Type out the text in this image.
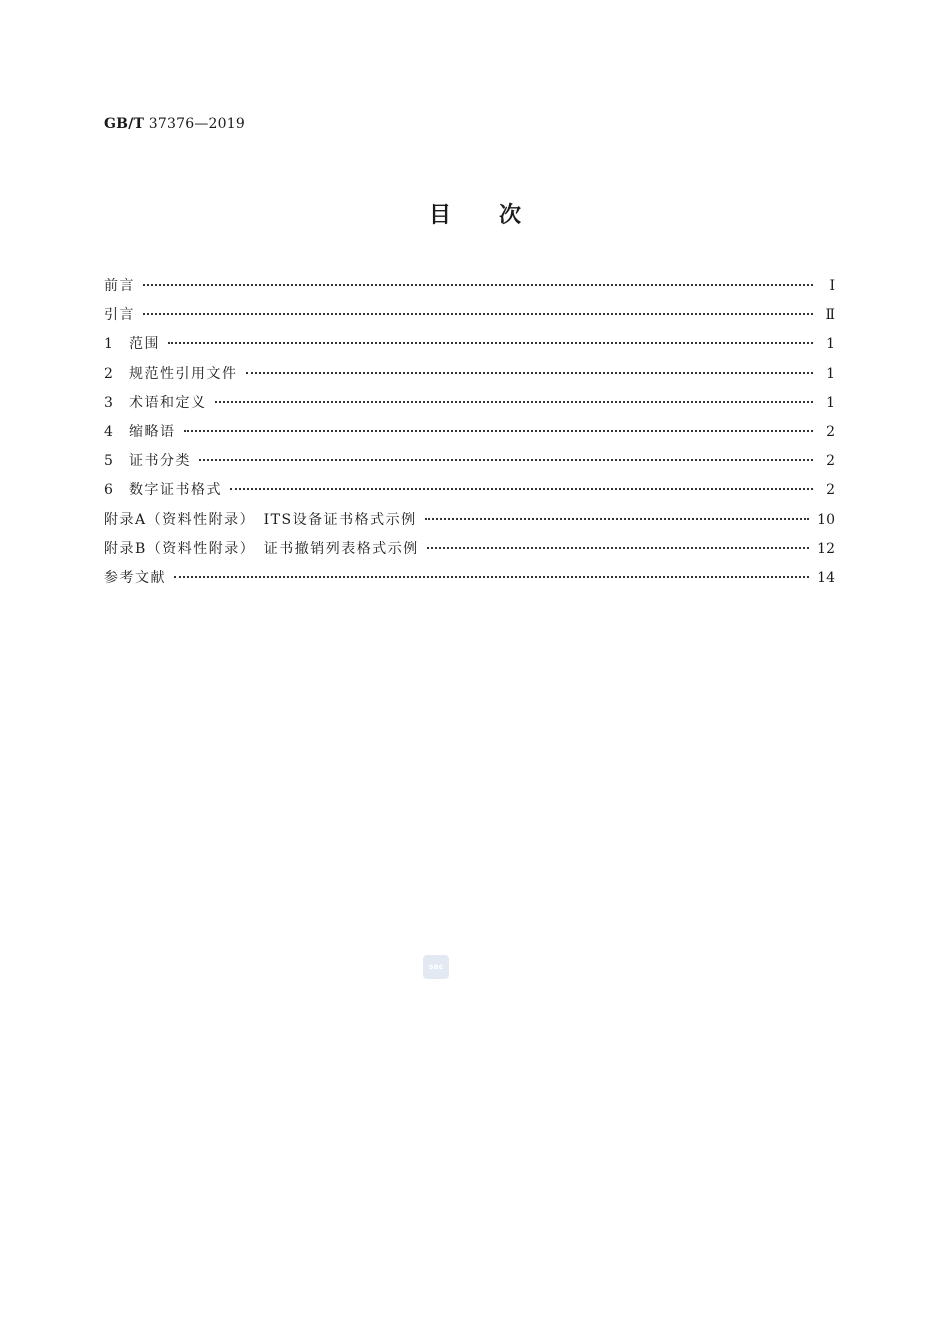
GB/T 37376—2019
目次
前言	Ⅰ
引言	Ⅱ
1	范围	1
2	规范性引用文件	1
3	术语和定义	1
4	缩略语	2
5	证书分类	2
6	数字证书格式	2
附录A（资料性附录）　ITS设备证书格式示例	10
附录B（资料性附录）　证书撤销列表格式示例	12
参考文献	14
sac
